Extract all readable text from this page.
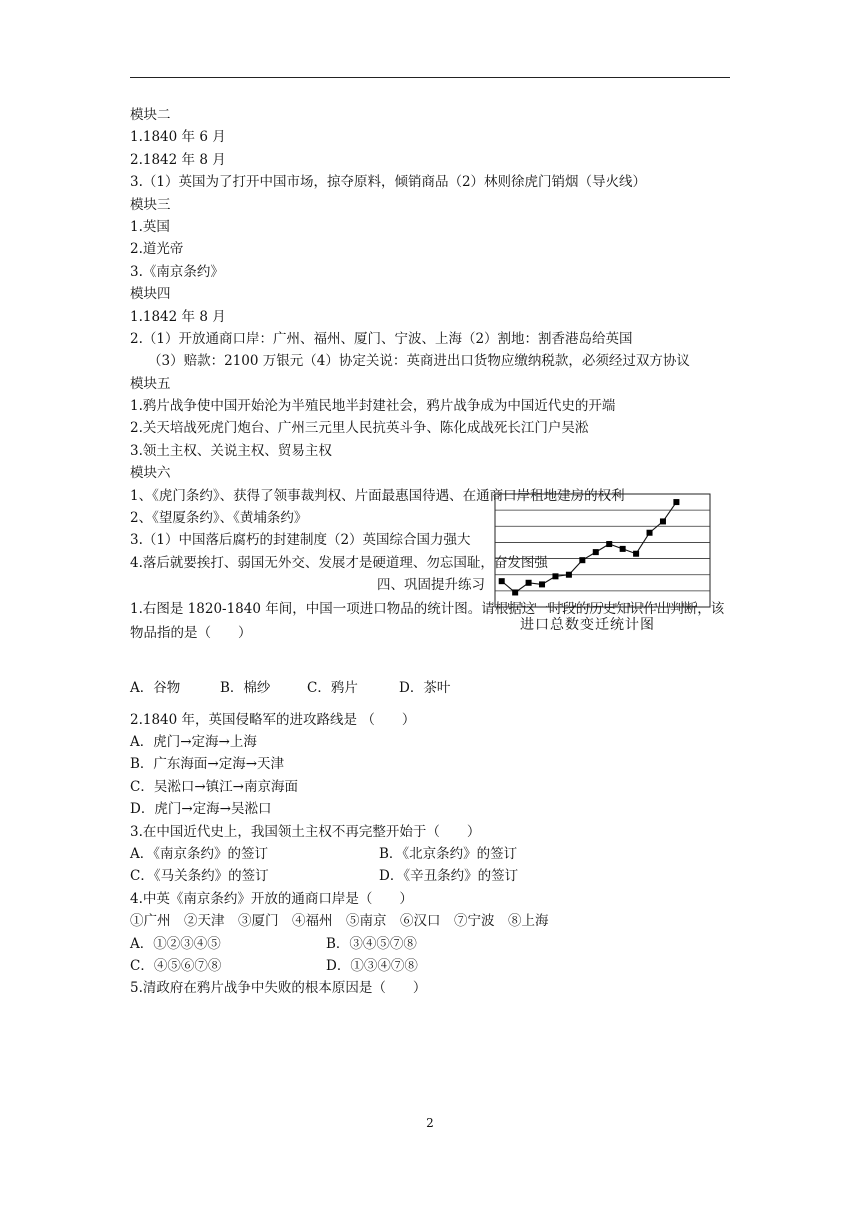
模块二
1.1840 年 6 月
2.1842 年 8 月
3.（1）英国为了打开中国市场，掠夺原料，倾销商品（2）林则徐虎门销烟（导火线）
模块三
1.英国
2.道光帝
3.《南京条约》
模块四
1.1842 年 8 月
2.（1）开放通商口岸：广州、福州、厦门、宁波、上海（2）割地：割香港岛给英国
（3）赔款：2100 万银元（4）协定关说：英商进出口货物应缴纳税款，必须经过双方协议
模块五
1.鸦片战争使中国开始沦为半殖民地半封建社会，鸦片战争成为中国近代史的开端
2.关天培战死虎门炮台、广州三元里人民抗英斗争、陈化成战死长江门户吴淞
3.领土主权、关说主权、贸易主权
模块六
1、《虎门条约》、获得了领事裁判权、片面最惠国待遇、在通商口岸租地建房的权利
2、《望厦条约》、《黄埔条约》
3.（1）中国落后腐朽的封建制度（2）英国综合国力强大
4.落后就要挨打、弱国无外交、发展才是硬道理、勿忘国耻，奋发图强
四、巩固提升练习
1.右图是 1820-1840 年间，中国一项进口物品的统计图。请根据这一时段的历史知识作出判断，该物品指的是（　　）
A．谷物	B．棉纱	C．鸦片	D．茶叶
进口总数变迁统计图
2.1840 年，英国侵略军的进攻路线是 （　　）
A．虎门→定海→上海
B．广东海面→定海→天津
C．吴淞口→镇江→南京海面
D．虎门→定海→吴淞口
3.在中国近代史上，我国领土主权不再完整开始于（　　）
A．《南京条约》的签订	B．《北京条约》的签订
C．《马关条约》的签订	D．《辛丑条约》的签订
4.中英《南京条约》开放的通商口岸是（　　）
①广州　②天津　③厦门　④福州　⑤南京　⑥汉口　⑦宁波　⑧上海
A．①②③④⑤	B．③④⑤⑦⑧
C．④⑤⑥⑦⑧	D．①③④⑦⑧
5.清政府在鸦片战争中失败的根本原因是（　　）
2
